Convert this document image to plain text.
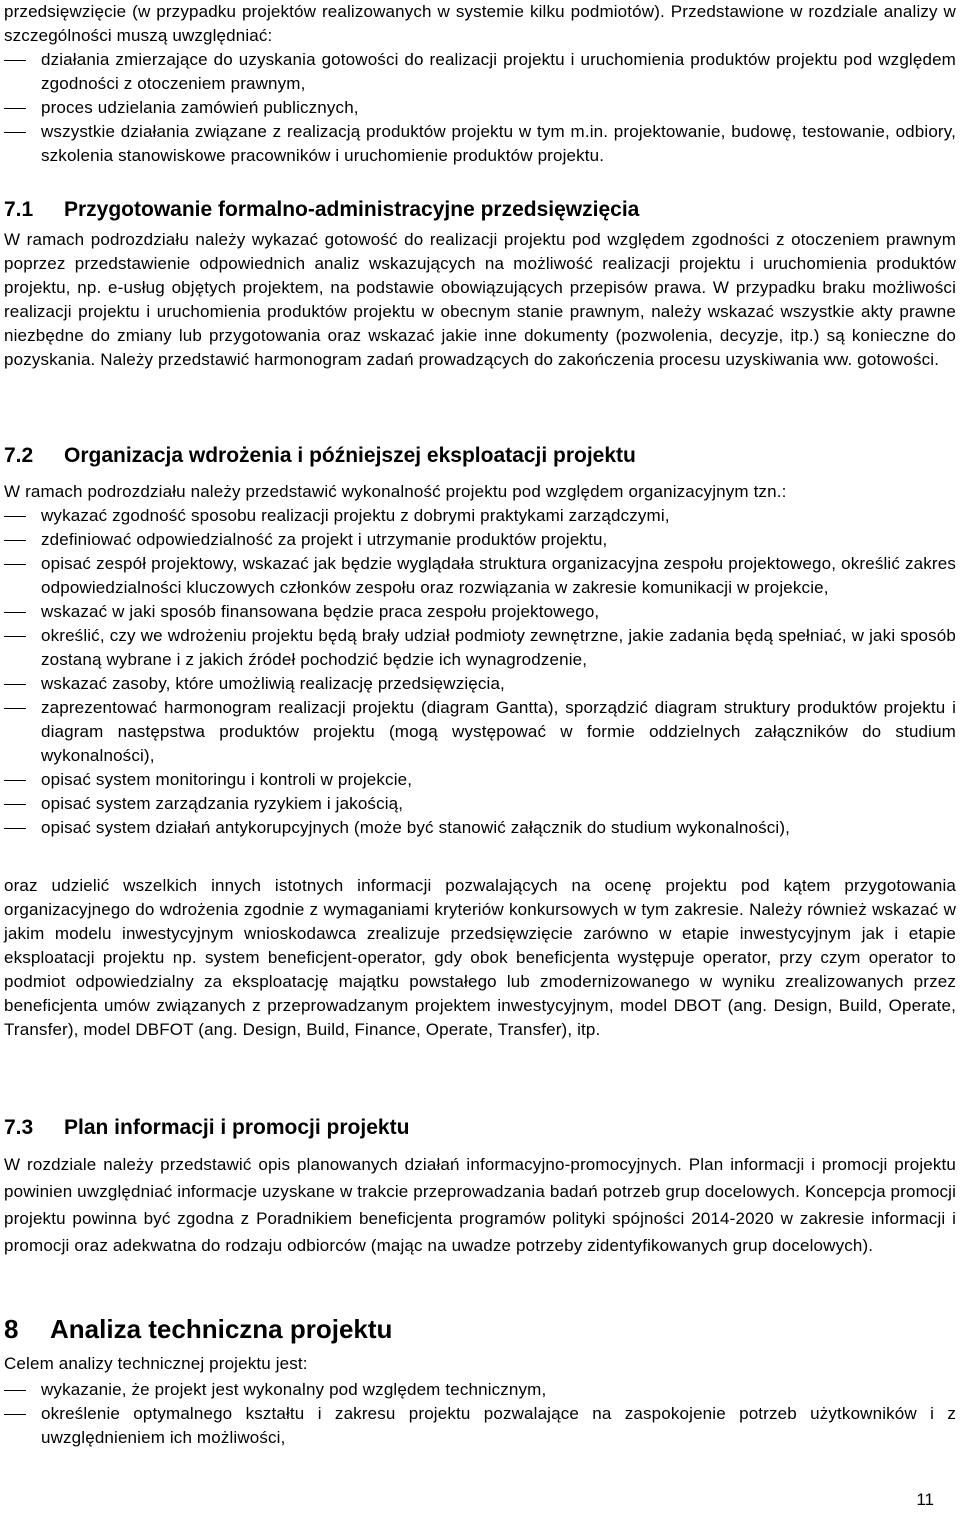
przedsięwzięcie (w przypadku projektów realizowanych w systemie kilku podmiotów). Przedstawione w rozdziale analizy w szczególności muszą uwzględniać:

działania zmierzające do uzyskania gotowości do realizacji projektu i uruchomienia produktów projektu pod względem zgodności z otoczeniem prawnym,
proces udzielania zamówień publicznych,
wszystkie działania związane z realizacją produktów projektu w tym m.in. projektowanie, budowę, testowanie, odbiory, szkolenia stanowiskowe pracowników i uruchomienie produktów projektu.
7.1 Przygotowanie formalno-administracyjne przedsięwzięcia

W ramach podrozdziału należy wykazać gotowość do realizacji projektu pod względem zgodności z otoczeniem prawnym poprzez przedstawienie odpowiednich analiz wskazujących na możliwość realizacji projektu i uruchomienia produktów projektu, np. e-usług objętych projektem, na podstawie obowiązujących przepisów prawa. W przypadku braku możliwości realizacji projektu i uruchomienia produktów projektu w obecnym stanie prawnym, należy wskazać wszystkie akty prawne niezbędne do zmiany lub przygotowania oraz wskazać jakie inne dokumenty (pozwolenia, decyzje, itp.) są konieczne do pozyskania. Należy przedstawić harmonogram zadań prowadzących do zakończenia procesu uzyskiwania ww. gotowości.

7.2 Organizacja wdrożenia i późniejszej eksploatacji projektu

W ramach podrozdziału należy przedstawić wykonalność projektu pod względem organizacyjnym tzn.:

wykazać zgodność sposobu realizacji projektu z dobrymi praktykami zarządczymi,
zdefiniować odpowiedzialność za projekt i utrzymanie produktów projektu,
opisać zespół projektowy, wskazać jak będzie wyglądała struktura organizacyjna zespołu projektowego, określić zakres odpowiedzialności kluczowych członków zespołu oraz rozwiązania w zakresie komunikacji w projekcie,
wskazać w jaki sposób finansowana będzie praca zespołu projektowego,
określić, czy we wdrożeniu projektu będą brały udział podmioty zewnętrzne, jakie zadania będą spełniać, w jaki sposób zostaną wybrane i z jakich źródeł pochodzić będzie ich wynagrodzenie,
wskazać zasoby, które umożliwią realizację przedsięwzięcia,
zaprezentować harmonogram realizacji projektu (diagram Gantta), sporządzić diagram struktury produktów projektu i diagram następstwa produktów projektu (mogą występować w formie oddzielnych załączników do studium wykonalności),
opisać system monitoringu i kontroli w projekcie,
opisać system zarządzania ryzykiem i jakością,
opisać system działań antykorupcyjnych (może być stanowić załącznik do studium wykonalności),

oraz udzielić wszelkich innych istotnych informacji pozwalających na ocenę projektu pod kątem przygotowania organizacyjnego do wdrożenia zgodnie z wymaganiami kryteriów konkursowych w tym zakresie. Należy również wskazać w jakim modelu inwestycyjnym wnioskodawca zrealizuje przedsięwzięcie zarówno w etapie inwestycyjnym jak i etapie eksploatacji projektu np. system beneficjent-operator, gdy obok beneficjenta występuje operator, przy czym operator to podmiot odpowiedzialny za eksploatację majątku powstałego lub zmodernizowanego w wyniku zrealizowanych przez beneficjenta umów związanych z przeprowadzanym projektem inwestycyjnym, model DBOT (ang. Design, Build, Operate, Transfer), model DBFOT (ang. Design, Build, Finance, Operate, Transfer), itp.

7.3 Plan informacji i promocji projektu

W rozdziale należy przedstawić opis planowanych działań informacyjno-promocyjnych. Plan informacji i promocji projektu powinien uwzględniać informacje uzyskane w trakcie przeprowadzania badań potrzeb grup docelowych. Koncepcja promocji projektu powinna być zgodna z Poradnikiem beneficjenta programów polityki spójności 2014-2020 w zakresie informacji i promocji oraz adekwatna do rodzaju odbiorców (mając na uwadze potrzeby zidentyfikowanych grup docelowych).

8 Analiza techniczna projektu

Celem analizy technicznej projektu jest:

wykazanie, że projekt jest wykonalny pod względem technicznym,
określenie optymalnego kształtu i zakresu projektu pozwalające na zaspokojenie potrzeb użytkowników i z uwzględnieniem ich możliwości,
11
